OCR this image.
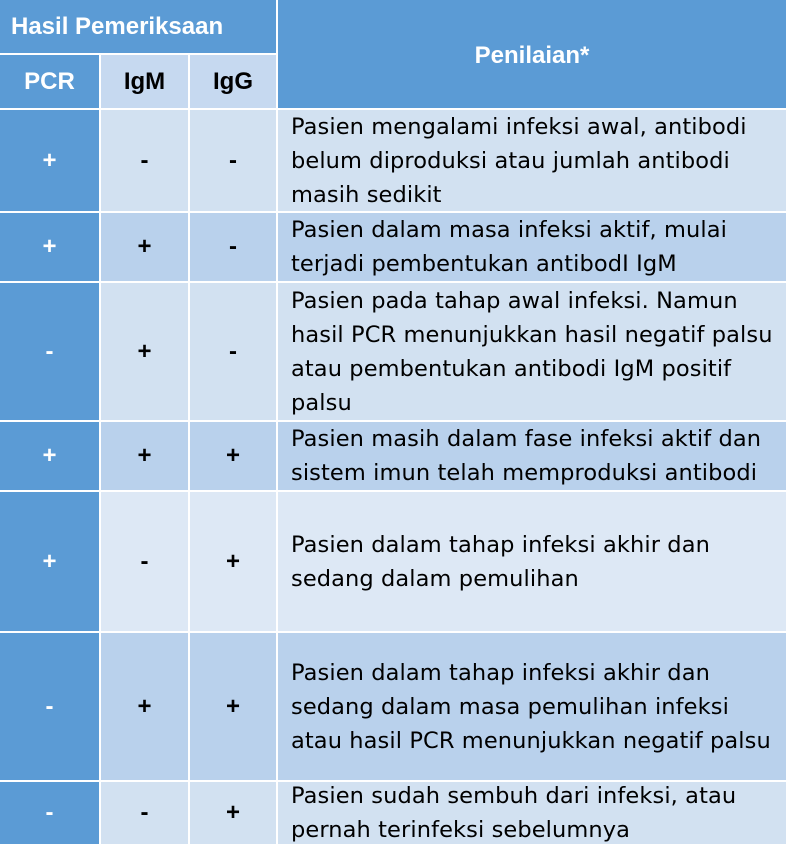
Hasil Pemeriksaan
Penilaian*
PCR	IgM	IgG
+	-	-
Pasien mengalami infeksi awal, antibodi belum diproduksi atau jumlah antibodi masih sedikit
+	+	-
Pasien dalam masa infeksi aktif, mulai terjadi pembentukan antibodI IgM
-	+	-
Pasien pada tahap awal infeksi. Namun hasil PCR menunjukkan hasil negatif palsu atau pembentukan antibodi IgM positif palsu
+	+	+
Pasien masih dalam fase infeksi aktif dan sistem imun telah memproduksi antibodi
+	-	+
Pasien dalam tahap infeksi akhir dan sedang dalam pemulihan
-	+	+
Pasien dalam tahap infeksi akhir dan sedang dalam masa pemulihan infeksi atau hasil PCR menunjukkan negatif palsu
-	-	+
Pasien sudah sembuh dari infeksi, atau pernah terinfeksi sebelumnya
